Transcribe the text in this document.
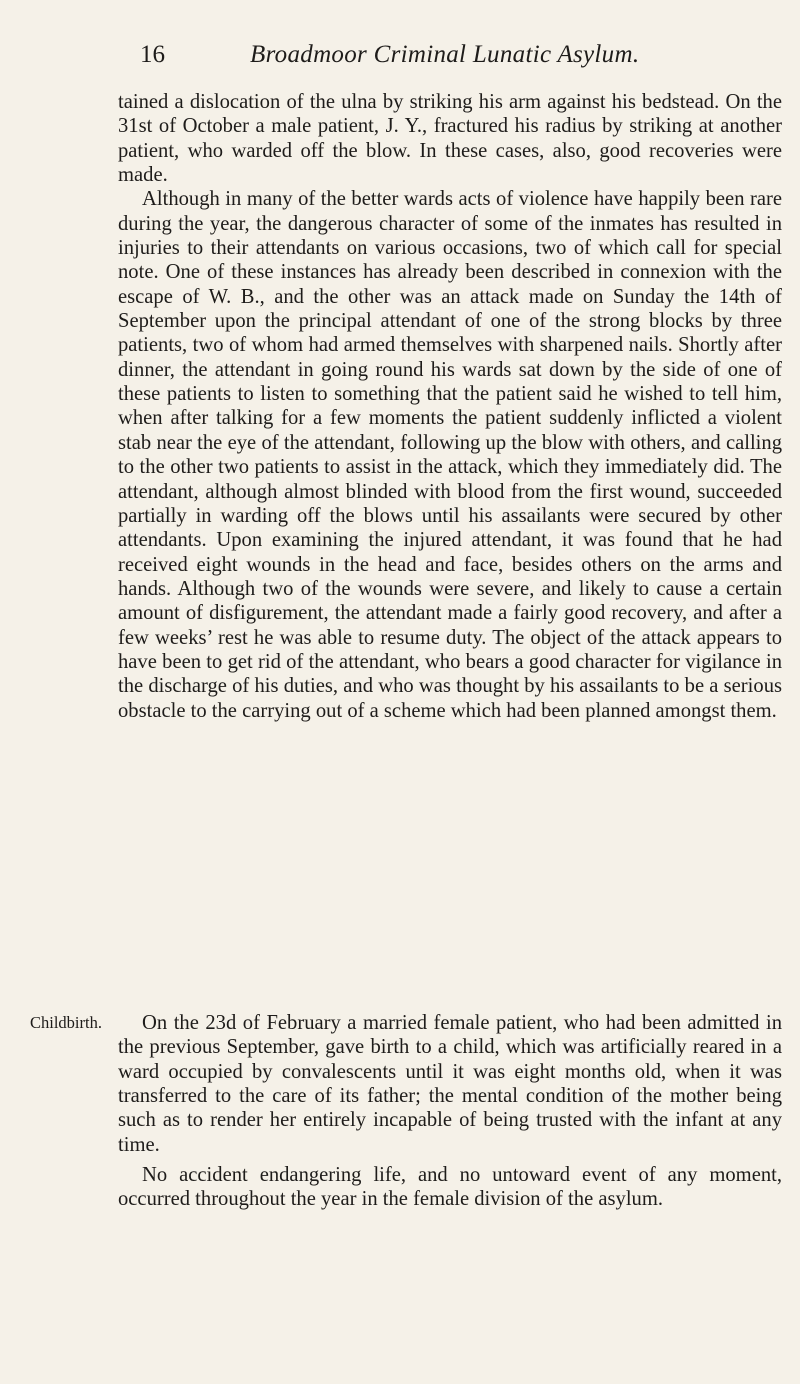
16	Broadmoor Criminal Lunatic Asylum.

tained a dislocation of the ulna by striking his arm against his bedstead. On the 31st of October a male patient, J. Y., fractured his radius by striking at another patient, who warded off the blow. In these cases, also, good recoveries were made.

Although in many of the better wards acts of violence have happily been rare during the year, the dangerous character of some of the inmates has resulted in injuries to their attendants on various occasions, two of which call for special note. One of these instances has already been described in connexion with the escape of W. B., and the other was an attack made on Sunday the 14th of September upon the principal attendant of one of the strong blocks by three patients, two of whom had armed themselves with sharpened nails. Shortly after dinner, the attendant in going round his wards sat down by the side of one of these patients to listen to something that the patient said he wished to tell him, when after talking for a few moments the patient suddenly inflicted a violent stab near the eye of the attendant, following up the blow with others, and calling to the other two patients to assist in the attack, which they immediately did. The attendant, although almost blinded with blood from the first wound, succeeded partially in warding off the blows until his assailants were secured by other attendants. Upon examining the injured attendant, it was found that he had received eight wounds in the head and face, besides others on the arms and hands. Although two of the wounds were severe, and likely to cause a certain amount of disfigurement, the attendant made a fairly good recovery, and after a few weeks’ rest he was able to resume duty. The object of the attack appears to have been to get rid of the attendant, who bears a good character for vigilance in the discharge of his duties, and who was thought by his assailants to be a serious obstacle to the carrying out of a scheme which had been planned amongst them.

Childbirth.	On the 23d of February a married female patient, who had been admitted in the previous September, gave birth to a child, which was artificially reared in a ward occupied by convalescents until it was eight months old, when it was transferred to the care of its father; the mental condition of the mother being such as to render her entirely incapable of being trusted with the infant at any time.

No accident endangering life, and no untoward event of any moment, occurred throughout the year in the female division of the asylum.
